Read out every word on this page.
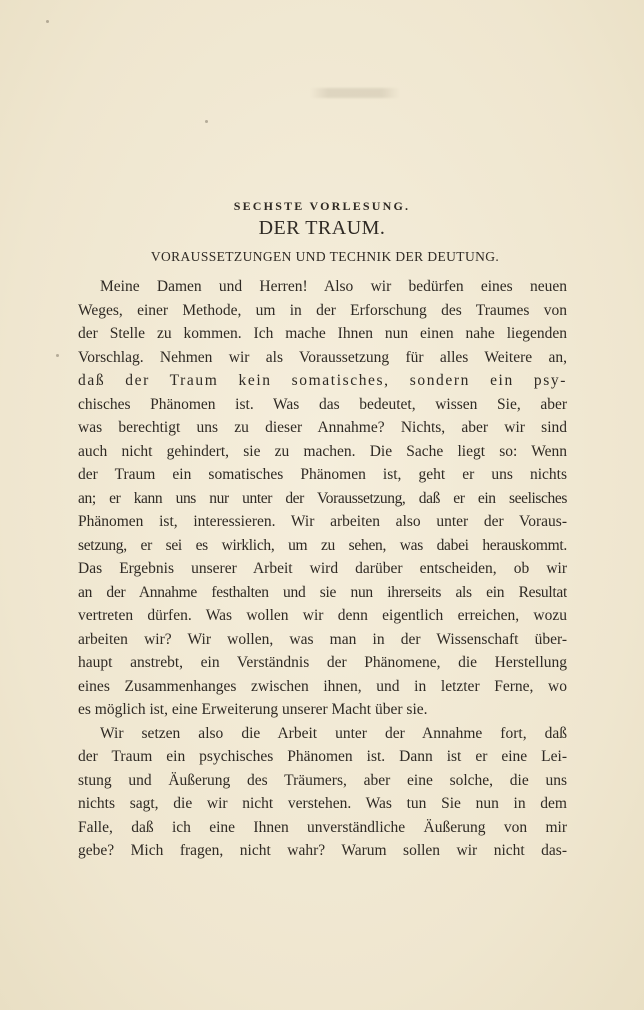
SECHSTE VORLESUNG.
DER TRAUM.
VORAUSSETZUNGEN UND TECHNIK DER DEUTUNG.
Meine Damen und Herren! Also wir bedürfen eines neuen
Weges, einer Methode, um in der Erforschung des Traumes von
der Stelle zu kommen. Ich mache Ihnen nun einen nahe liegenden
Vorschlag. Nehmen wir als Voraussetzung für alles Weitere an,
daß der Traum kein somatisches, sondern ein psy-
chisches Phänomen ist. Was das bedeutet, wissen Sie, aber
was berechtigt uns zu dieser Annahme? Nichts, aber wir sind
auch nicht gehindert, sie zu machen. Die Sache liegt so: Wenn
der Traum ein somatisches Phänomen ist, geht er uns nichts
an; er kann uns nur unter der Voraussetzung, daß er ein seelisches
Phänomen ist, interessieren. Wir arbeiten also unter der Voraus-
setzung, er sei es wirklich, um zu sehen, was dabei herauskommt.
Das Ergebnis unserer Arbeit wird darüber entscheiden, ob wir
an der Annahme festhalten und sie nun ihrerseits als ein Resultat
vertreten dürfen. Was wollen wir denn eigentlich erreichen, wozu
arbeiten wir? Wir wollen, was man in der Wissenschaft über-
haupt anstrebt, ein Verständnis der Phänomene, die Herstellung
eines Zusammenhanges zwischen ihnen, und in letzter Ferne, wo
es möglich ist, eine Erweiterung unserer Macht über sie.
Wir setzen also die Arbeit unter der Annahme fort, daß
der Traum ein psychisches Phänomen ist. Dann ist er eine Lei-
stung und Äußerung des Träumers, aber eine solche, die uns
nichts sagt, die wir nicht verstehen. Was tun Sie nun in dem
Falle, daß ich eine Ihnen unverständliche Äußerung von mir
gebe? Mich fragen, nicht wahr? Warum sollen wir nicht das-
